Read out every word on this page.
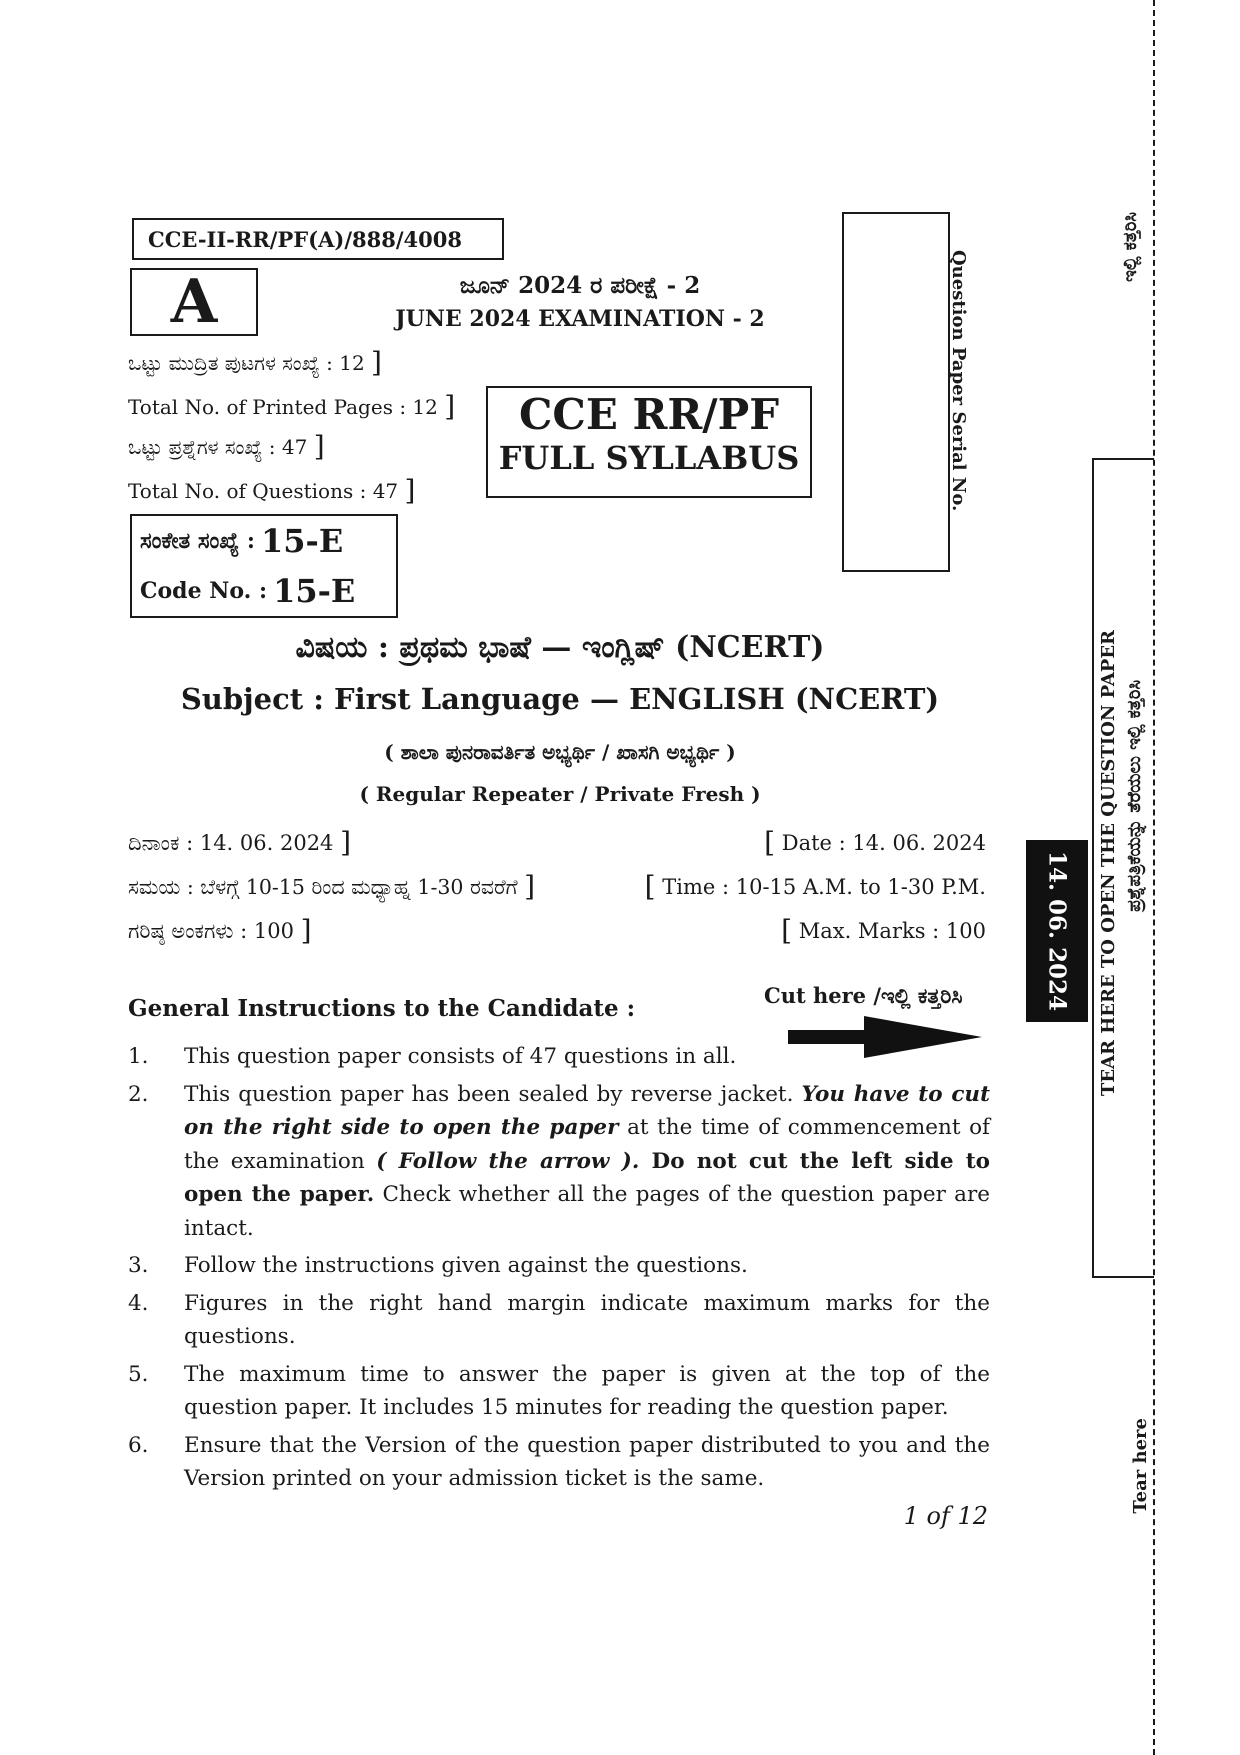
CCE-II-RR/PF(A)/888/4008
A	ಜೂನ್ 2024 ರ ಪರೀಕ್ಷೆ - 2
JUNE 2024 EXAMINATION - 2
ಒಟ್ಟು ಮುದ್ರಿತ ಪುಟಗಳ ಸಂಖ್ಯೆ : 12 ]
Total No. of Printed Pages : 12 ]
ಒಟ್ಟು ಪ್ರಶ್ನೆಗಳ ಸಂಖ್ಯೆ : 47 ]
Total No. of Questions : 47 ]
CCE RR/PF
FULL SYLLABUS	Question Paper Serial No.
ಸಂಕೇತ ಸಂಖ್ಯೆ : 15-E
Code No. : 15-E
ವಿಷಯ : ಪ್ರಥಮ ಭಾಷೆ — ಇಂಗ್ಲಿಷ್ (NCERT)
Subject : First Language — ENGLISH (NCERT)
( ಶಾಲಾ ಪುನರಾವರ್ತಿತ ಅಭ್ಯರ್ಥಿ / ಖಾಸಗಿ ಅಭ್ಯರ್ಥಿ )
( Regular Repeater / Private Fresh )
ದಿನಾಂಕ : 14. 06. 2024 ]	[ Date : 14. 06. 2024
ಸಮಯ : ಬೆಳಗ್ಗೆ 10-15 ರಿಂದ ಮಧ್ಯಾಹ್ನ 1-30 ರವರೆಗೆ ]	[ Time : 10-15 A.M. to 1-30 P.M.
ಗರಿಷ್ಠ ಅಂಕಗಳು : 100 ]	[ Max. Marks : 100
General Instructions to the Candidate :	Cut here /ಇಲ್ಲಿ ಕತ್ತರಿಸಿ
1.	This question paper consists of 47 questions in all.
2.	This question paper has been sealed by reverse jacket. You have to cut on the right side to open the paper at the time of commencement of the examination ( Follow the arrow ). Do not cut the left side to open the paper. Check whether all the pages of the question paper are intact.
3.	Follow the instructions given against the questions.
4.	Figures in the right hand margin indicate maximum marks for the questions.
5.	The maximum time to answer the paper is given at the top of the question paper. It includes 15 minutes for reading the question paper.
6.	Ensure that the Version of the question paper distributed to you and the Version printed on your admission ticket is the same.
1 of 12
ಇಲ್ಲಿ ಕತ್ತರಿಸಿ
TEAR HERE TO OPEN THE QUESTION PAPER ಪ್ರಶ್ನೆಪತ್ರಿಕೆಯನ್ನು ತೆರೆಯಲು ಇಲ್ಲಿ ಕತ್ತರಿಸಿ
14. 06. 2024
Tear here
